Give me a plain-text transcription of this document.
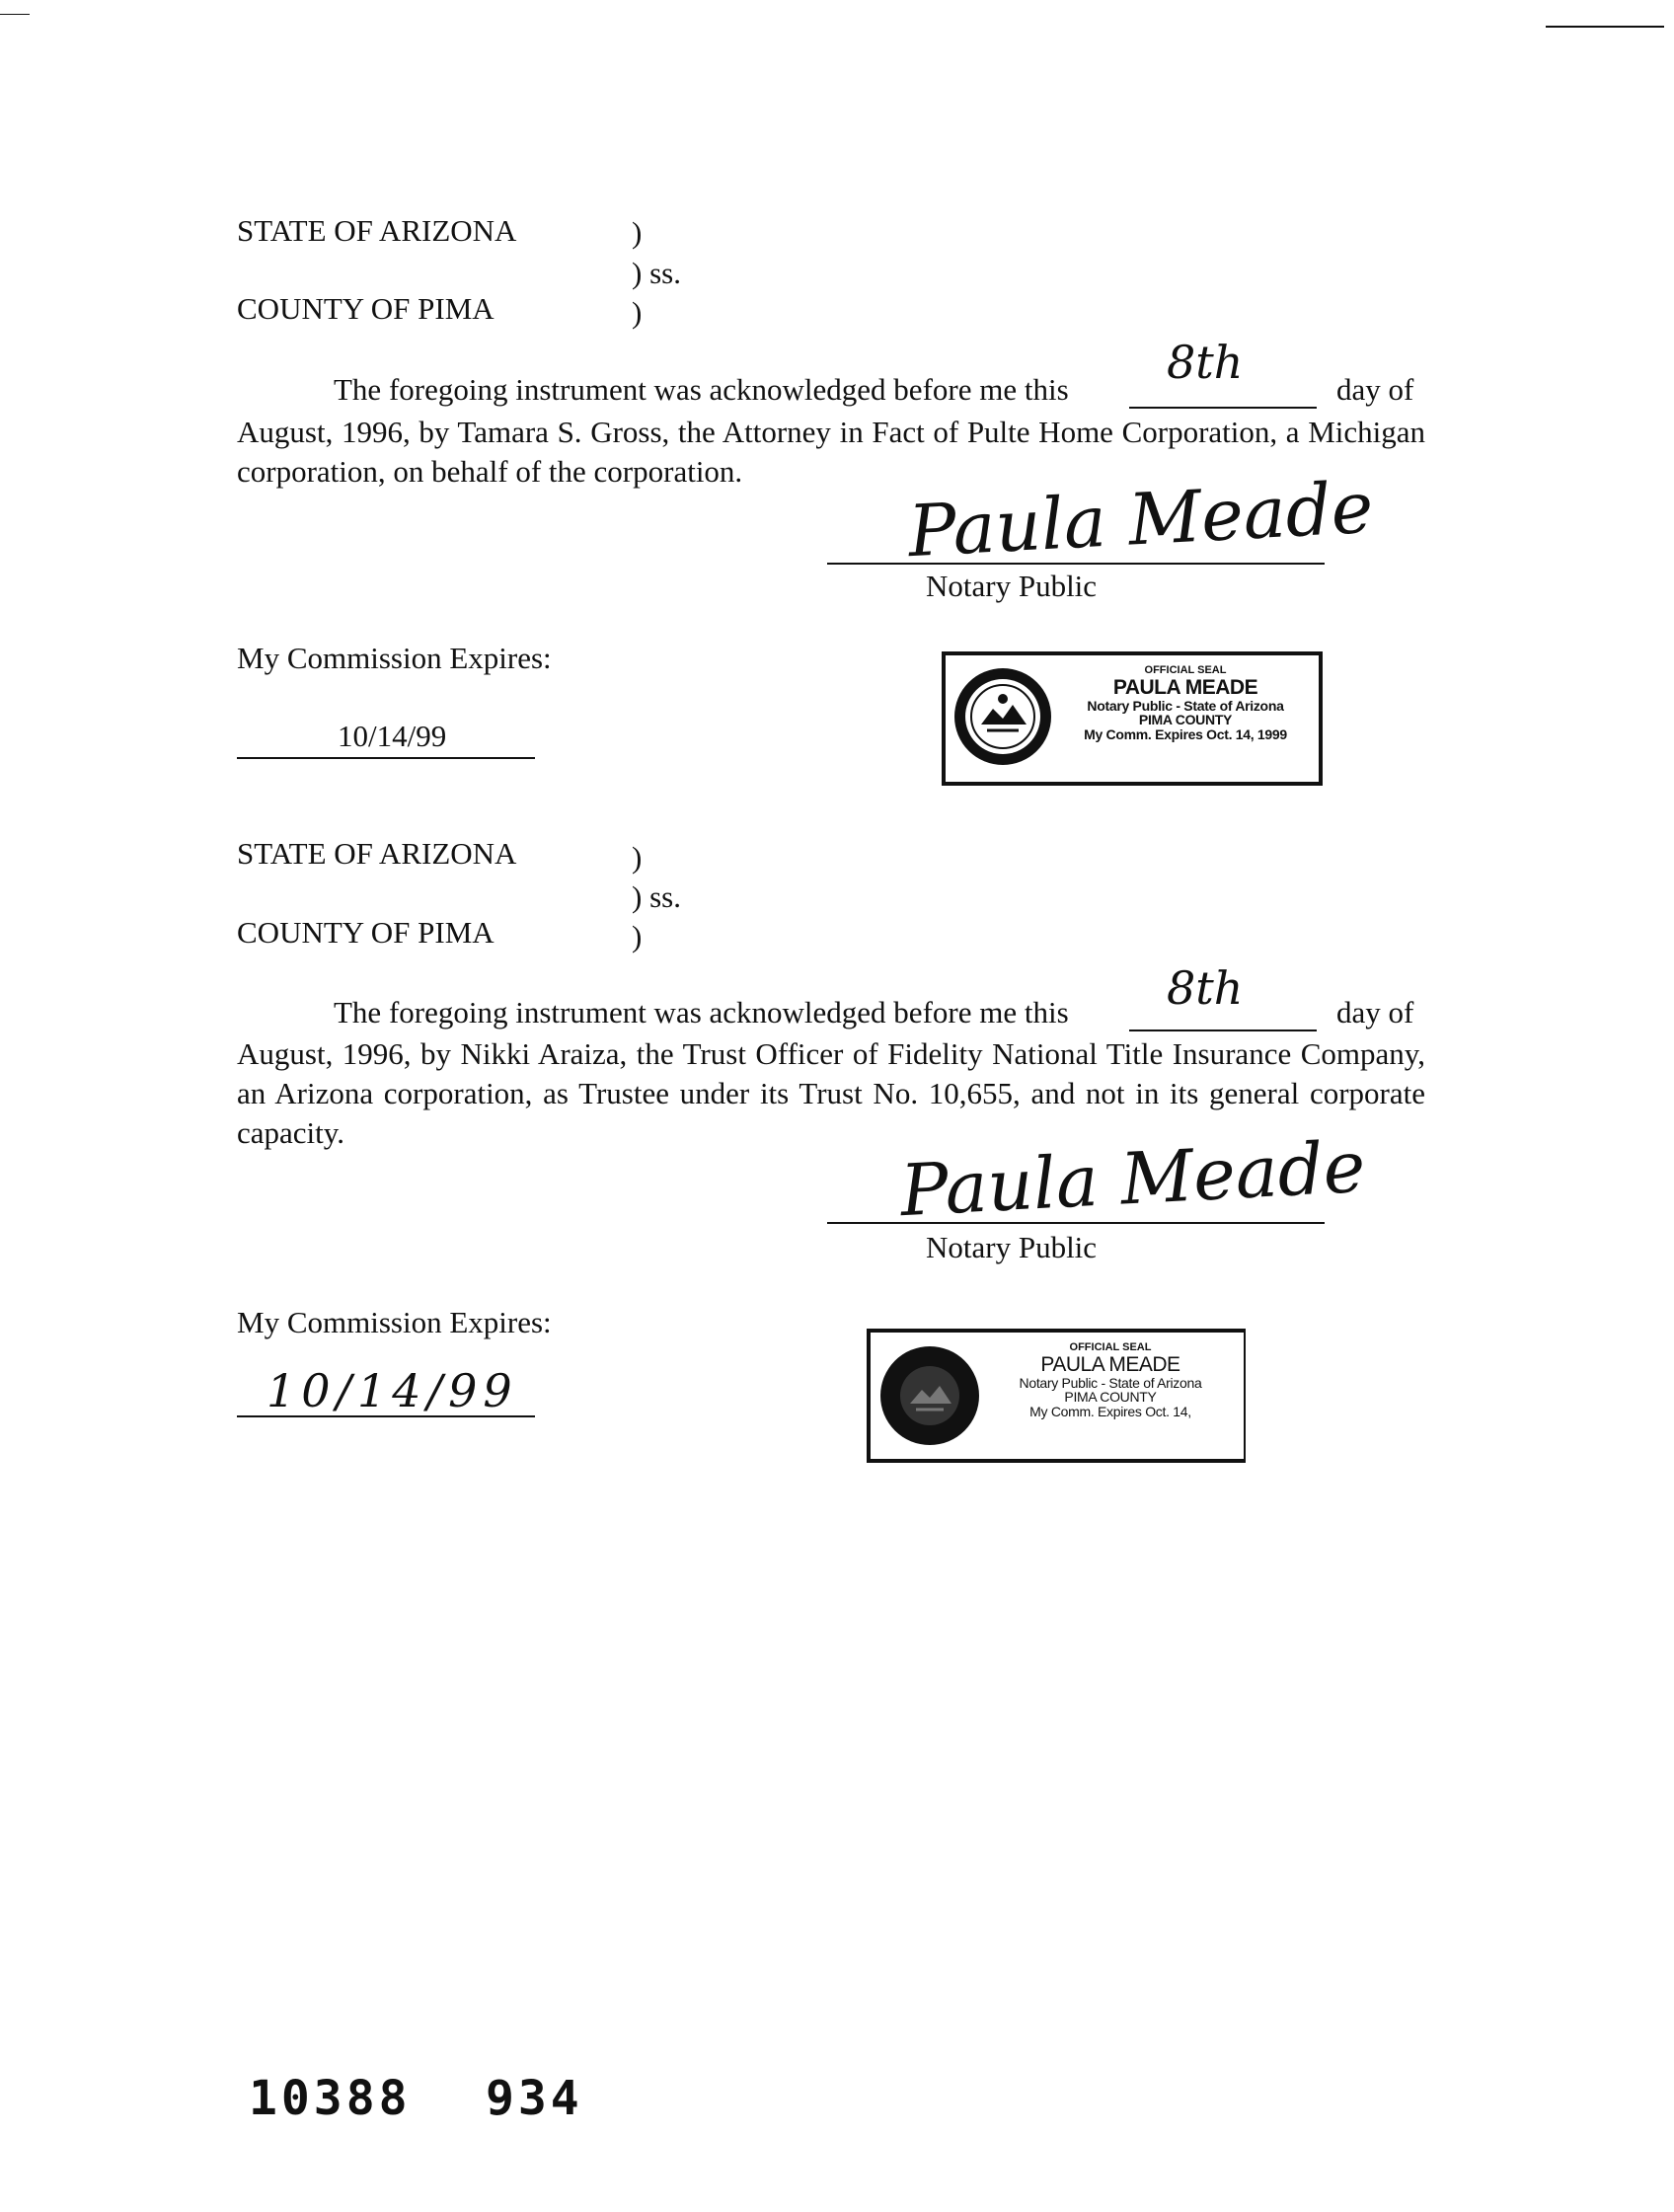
STATE OF ARIZONA	)
) ss.
COUNTY OF PIMA	)
The foregoing instrument was acknowledged before me this
8th
day of
August, 1996, by Tamara S. Gross, the Attorney in Fact of Pulte Home Corporation, a Michigan corporation, on behalf of the corporation.	Paula Meade
Notary Public
My Commission Expires:
10/14/99
OFFICIAL SEAL
PAULA MEADE
Notary Public - State of Arizona
PIMA COUNTY
My Comm. Expires Oct. 14, 1999
STATE OF ARIZONA	)
) ss.
COUNTY OF PIMA	)
The foregoing instrument was acknowledged before me this 8th	day of
August, 1996, by Nikki Araiza, the Trust Officer of Fidelity National Title Insurance Company, an Arizona corporation, as Trustee under its Trust No. 10,655, and not in its general corporate capacity.	Paula Meade
Notary Public
My Commission Expires:
10/14/99
OFFICIAL SEAL
PAULA MEADE
Notary Public - State of Arizona
PIMA COUNTY
My Comm. Expires Oct. 14,
10388 934
